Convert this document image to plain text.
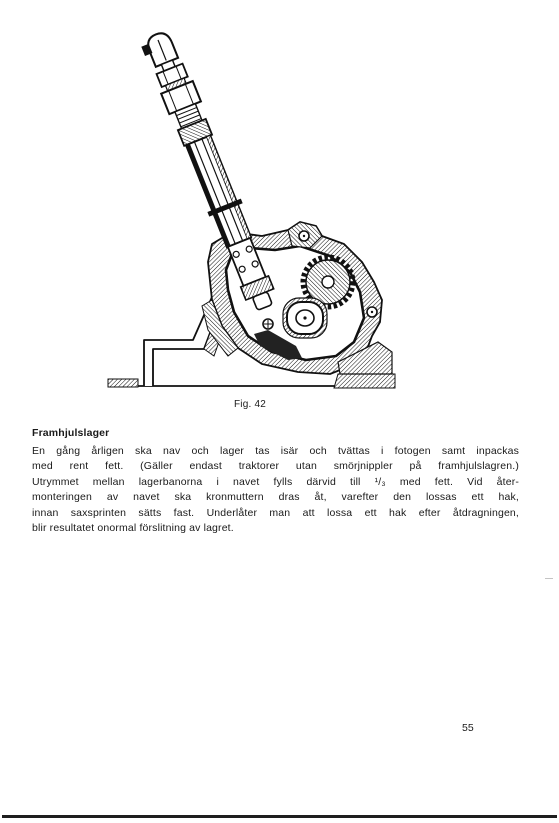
Fig. 42
Framhjulslager
En gång årligen ska nav och lager tas isär och tvättas i fotogen samt inpackas
med rent fett. (Gäller endast traktorer utan smörjnippler på framhjulslagren.)
Utrymmet mellan lagerbanorna i navet fylls därvid till ¹/₃ med fett. Vid åter-
monteringen av navet ska kronmuttern dras åt, varefter den lossas ett hak,
innan saxsprinten sätts fast. Underlåter man att lossa ett hak efter åtdragningen,
blir resultatet onormal förslitning av lagret.
55
